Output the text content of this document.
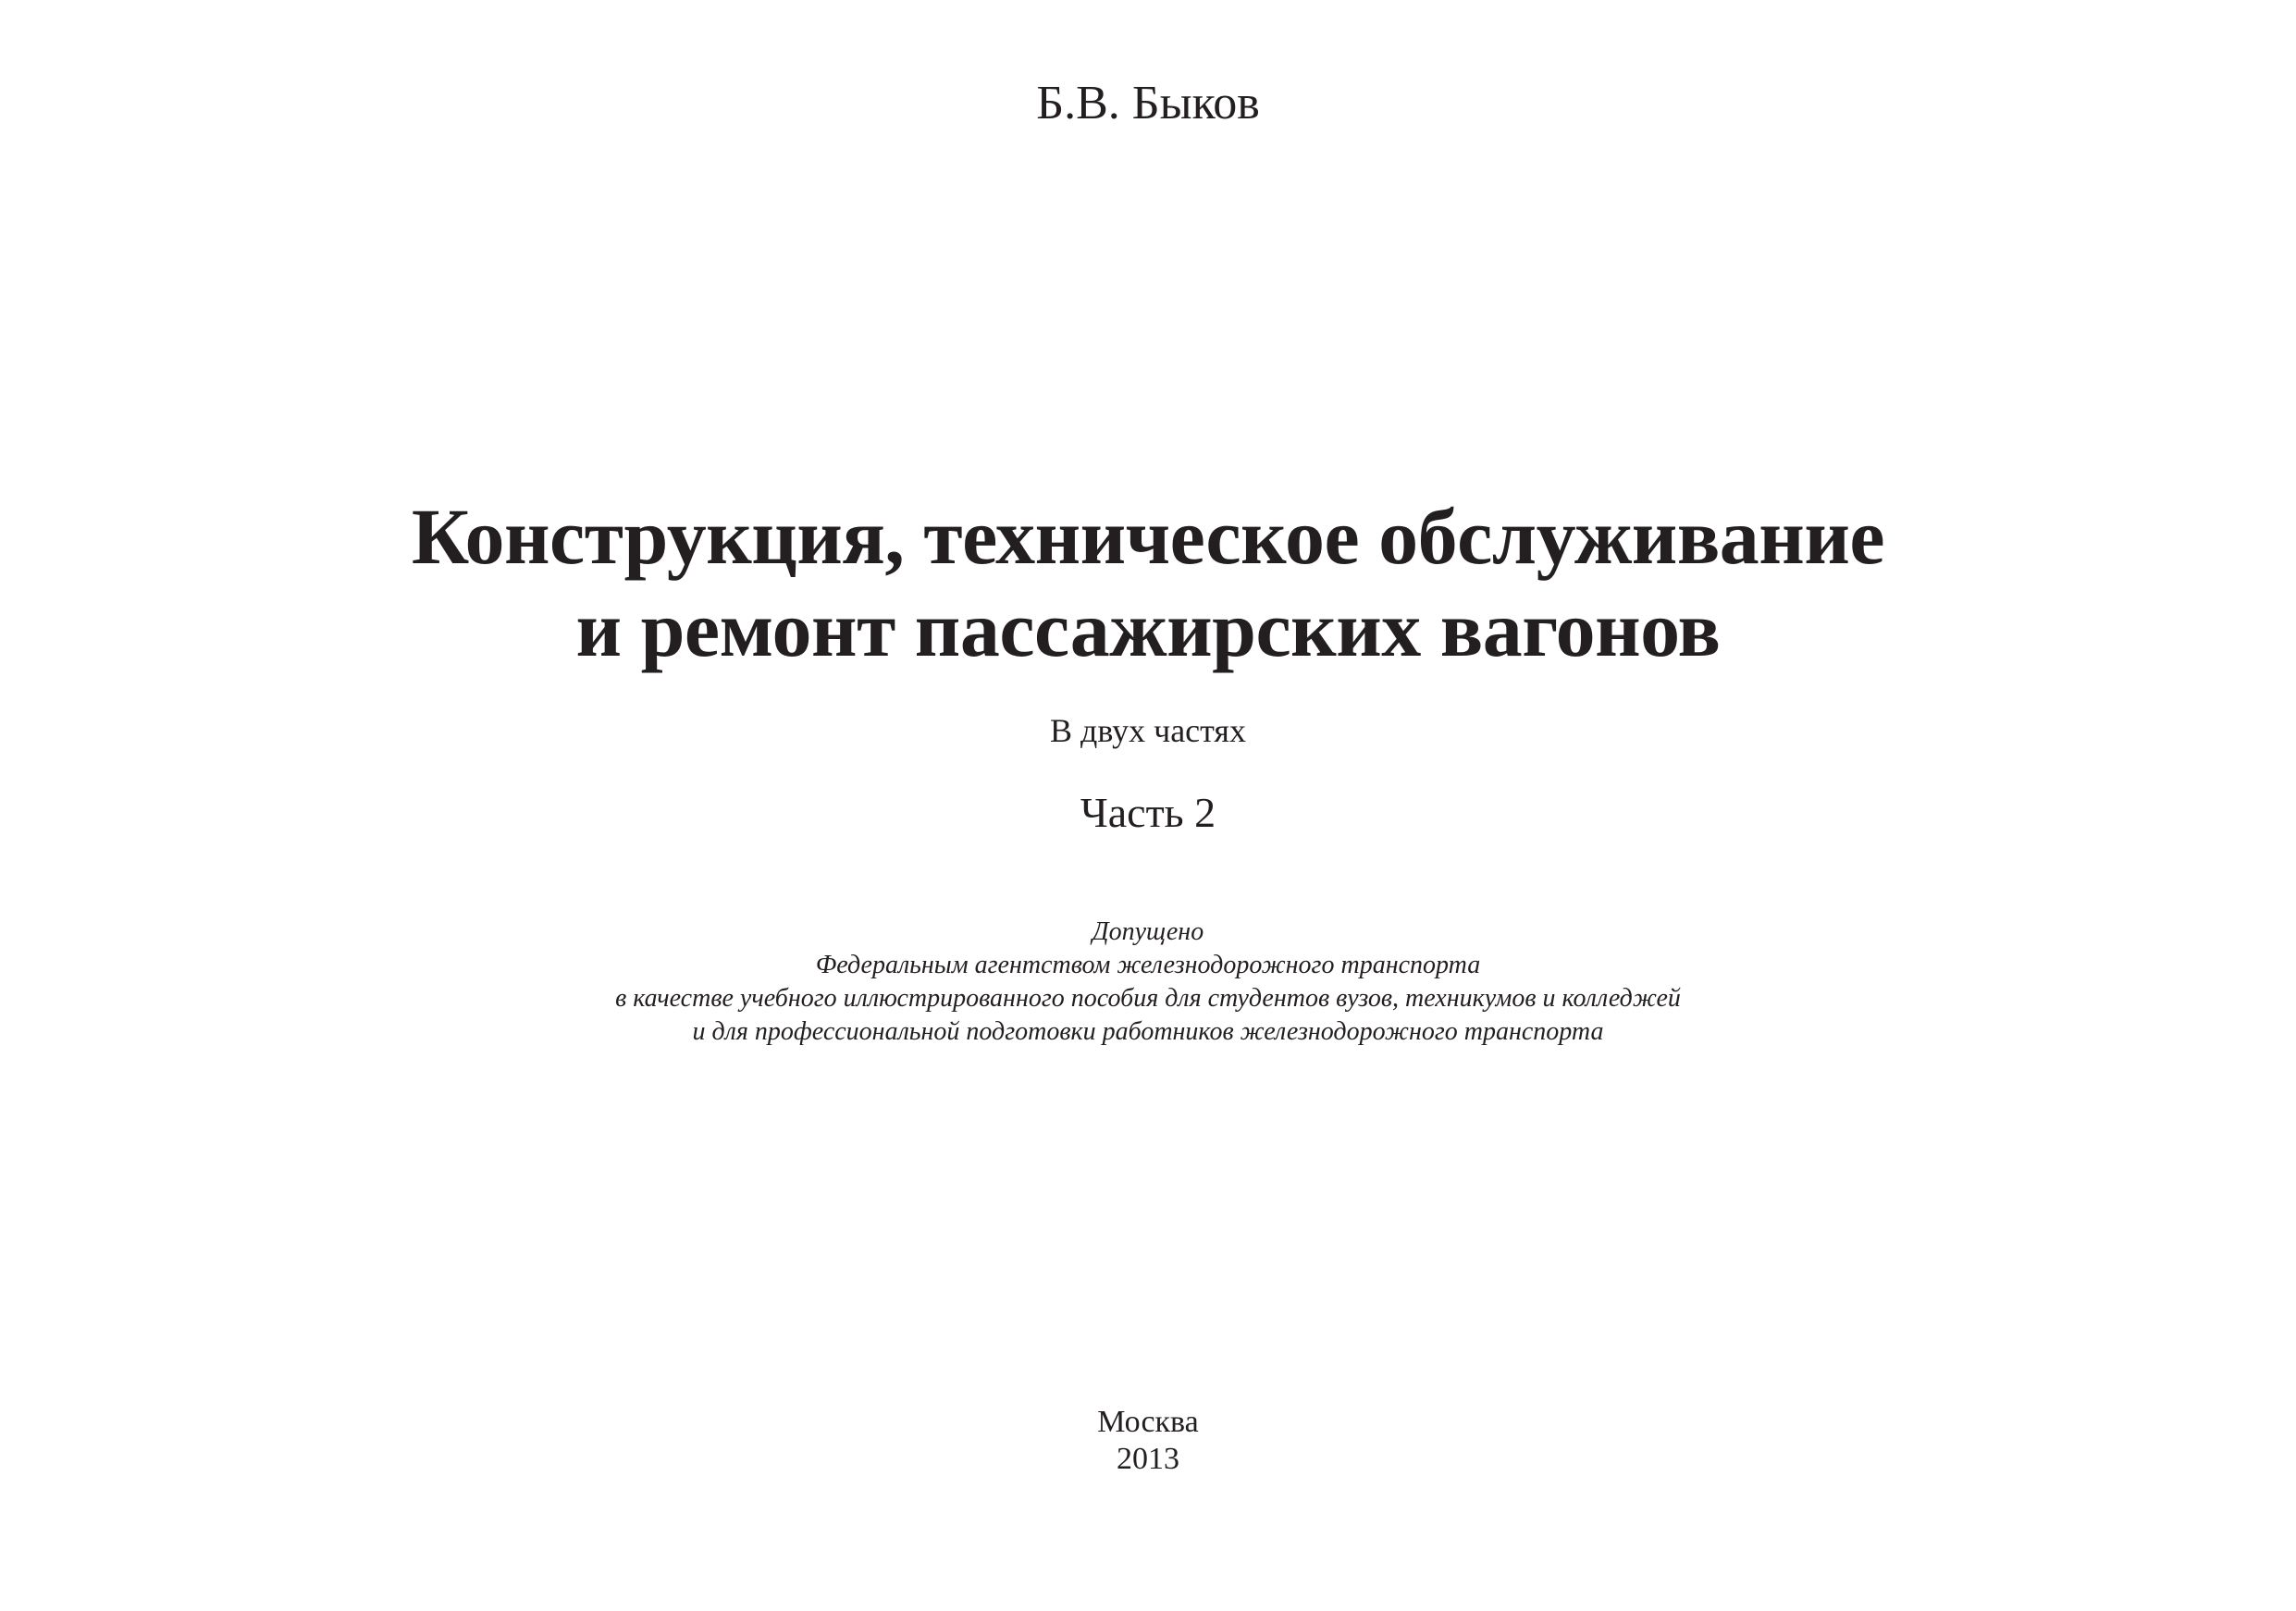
Б.В. Быков

Конструкция, техническое обслуживание
и ремонт пассажирских вагонов

В двух частях

Часть 2

Допущено
Федеральным агентством железнодорожного транспорта
в качестве учебного иллюстрированного пособия для студентов вузов, техникумов и колледжей
и для профессиональной подготовки работников железнодорожного транспорта
Москва
2013
